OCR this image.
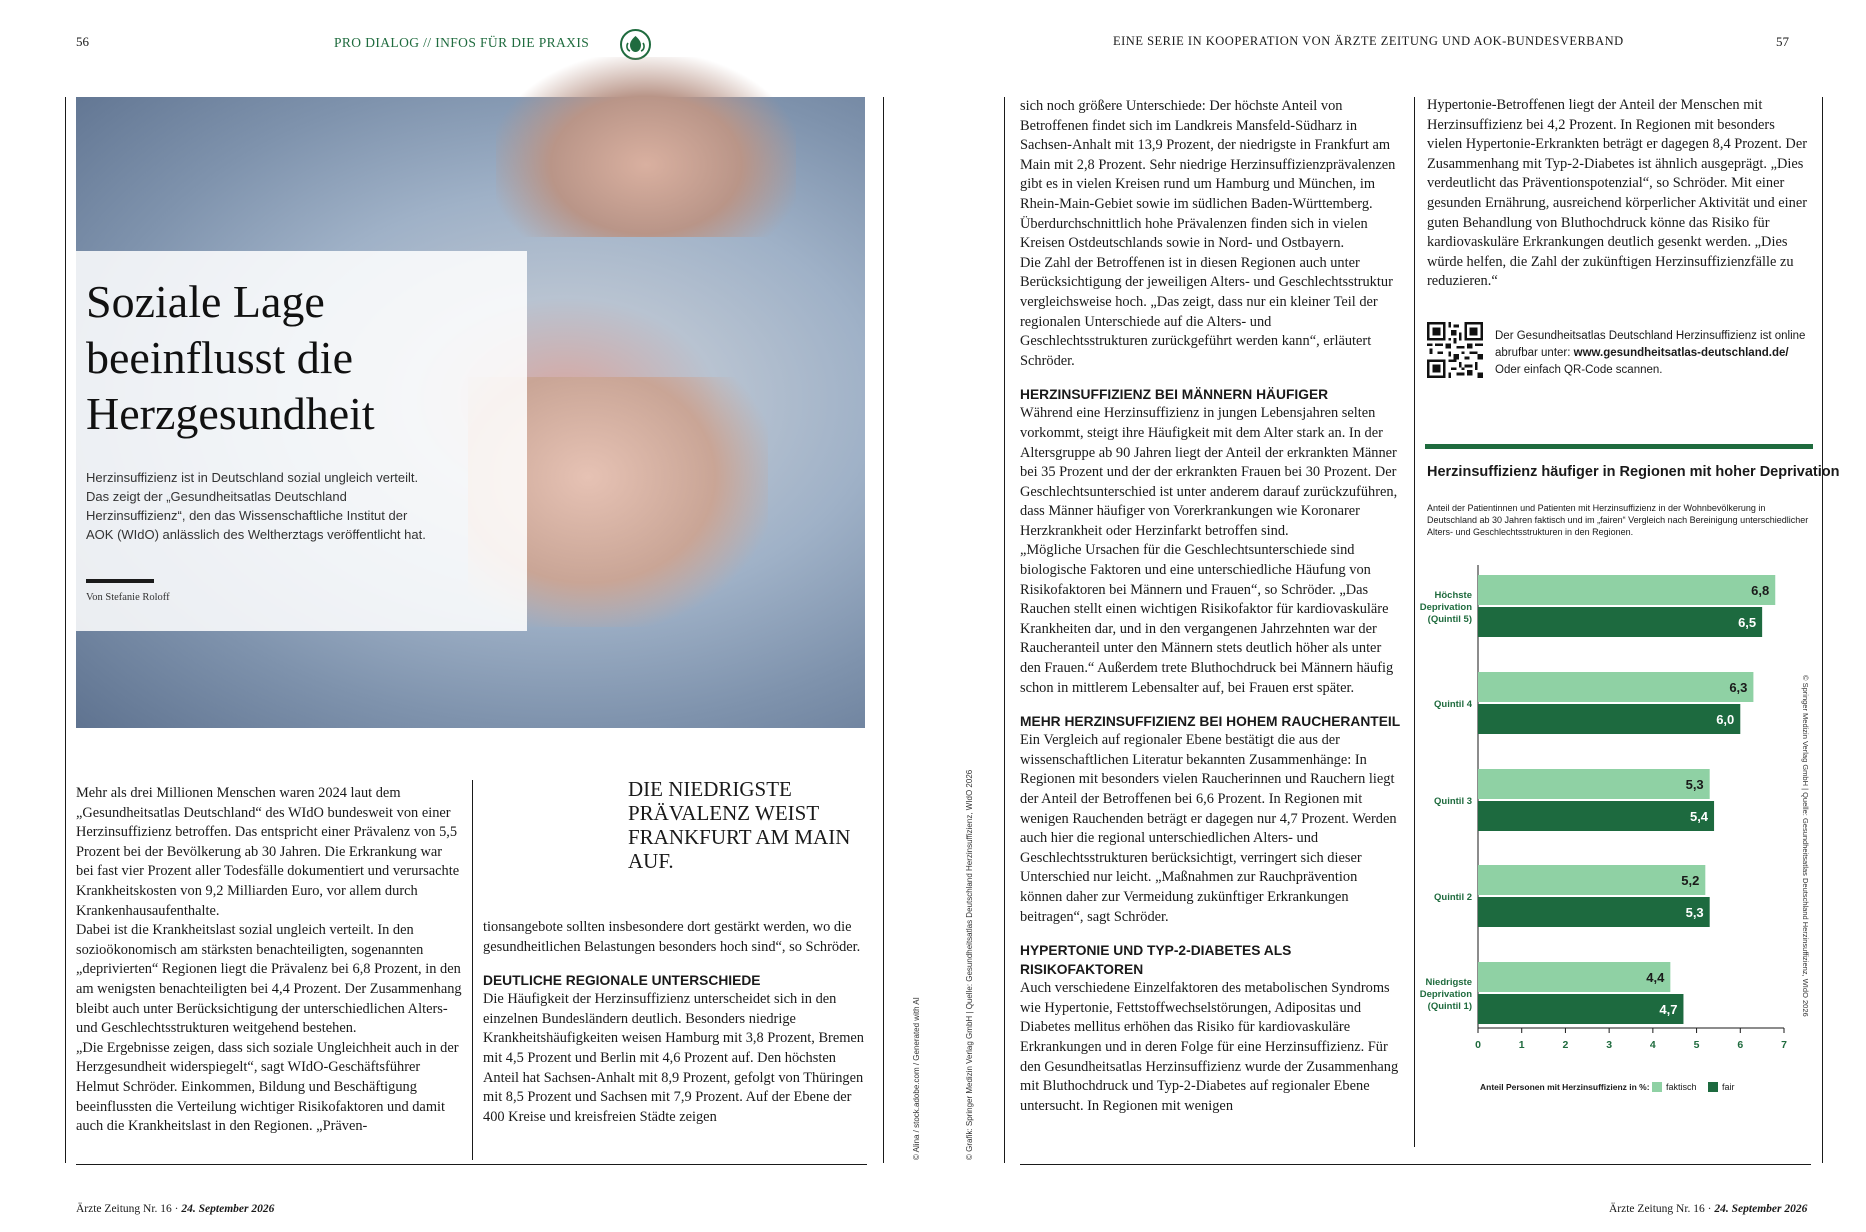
56	PRO DIALOG // INFOS FÜR DIE PRAXIS	EINE SERIE IN KOOPERATION VON ÄRZTE ZEITUNG UND AOK-BUNDESVERBAND	57
Soziale Lage beeinflusst die Herzgesundheit

Herzinsuffizienz ist in Deutschland sozial ungleich verteilt. Das zeigt der „Gesundheitsatlas Deutschland Herzinsuffizienz“, den das Wissenschaftliche Institut der AOK (WIdO) anlässlich des Weltherztags veröffentlicht hat.

Von Stefanie Roloff
DIE NIEDRIGSTE PRÄVALENZ WEIST FRANKFURT AM MAIN AUF.

Mehr als drei Millionen Menschen waren 2024 laut dem „Gesundheitsatlas Deutschland“ des WIdO bundesweit von einer Herzinsuffizienz betroffen. Das entspricht einer Prävalenz von 5,5 Prozent bei der Bevölkerung ab 30 Jahren. Die Erkrankung war bei fast vier Prozent aller Todesfälle dokumentiert und verursachte Krankheitskosten von 9,2 Milliarden Euro, vor allem durch Krankenhausaufenthalte.

Dabei ist die Krankheitslast sozial ungleich verteilt. In den sozioökonomisch am stärksten benachteiligten, sogenannten „deprivierten“ Regionen liegt die Prävalenz bei 6,8 Prozent, in den am wenigsten benachteiligten bei 4,4 Prozent. Der Zusammenhang bleibt auch unter Berücksichtigung der unterschiedlichen Alters- und Geschlechtsstrukturen weitgehend bestehen.

„Die Ergebnisse zeigen, dass sich soziale Ungleichheit auch in der Herzgesundheit widerspiegelt“, sagt WIdO-Geschäftsführer Helmut Schröder. Einkommen, Bildung und Beschäftigung beeinflussten die Verteilung wichtiger Risikofaktoren und damit auch die Krankheitslast in den Regionen. „Präven-

tionsangebote sollten insbesondere dort gestärkt werden, wo die gesundheitlichen Belastungen besonders hoch sind“, so Schröder.

DEUTLICHE REGIONALE UNTERSCHIEDE

Die Häufigkeit der Herzinsuffizienz unterscheidet sich in den einzelnen Bundesländern deutlich. Besonders niedrige Krankheitshäufigkeiten weisen Hamburg mit 3,8 Prozent, Bremen mit 4,5 Prozent und Berlin mit 4,6 Prozent auf. Den höchsten Anteil hat Sachsen-Anhalt mit 8,9 Prozent, gefolgt von Thüringen mit 8,5 Prozent und Sachsen mit 7,9 Prozent. Auf der Ebene der 400 Kreise und kreisfreien Städte zeigen	© Alina / stock.adobe.com / Generated with AI	© Grafik: Springer Medizin Verlag GmbH | Quelle: Gesundheitsatlas Deutschland Herzinsuffizienz, WIdO 2026

sich noch größere Unterschiede: Der höchste Anteil von Betroffenen findet sich im Landkreis Mansfeld-Südharz in Sachsen-Anhalt mit 13,9 Prozent, der niedrigste in Frankfurt am Main mit 2,8 Prozent. Sehr niedrige Herzinsuffizienzprävalenzen gibt es in vielen Kreisen rund um Hamburg und München, im Rhein-Main-Gebiet sowie im südlichen Baden-Württemberg. Überdurchschnittlich hohe Prävalenzen finden sich in vielen Kreisen Ostdeutschlands sowie in Nord- und Ostbayern.

Die Zahl der Betroffenen ist in diesen Regionen auch unter Berücksichtigung der jeweiligen Alters- und Geschlechtsstruktur vergleichsweise hoch. „Das zeigt, dass nur ein kleiner Teil der regionalen Unterschiede auf die Alters- und Geschlechtsstrukturen zurückgeführt werden kann“, erläutert Schröder.

HERZINSUFFIZIENZ BEI MÄNNERN HÄUFIGER

Während eine Herzinsuffizienz in jungen Lebensjahren selten vorkommt, steigt ihre Häufigkeit mit dem Alter stark an. In der Altersgruppe ab 90 Jahren liegt der Anteil der erkrankten Männer bei 35 Prozent und der der erkrankten Frauen bei 30 Prozent. Der Geschlechtsunterschied ist unter anderem darauf zurückzuführen, dass Männer häufiger von Vorerkrankungen wie Koronarer Herzkrankheit oder Herzinfarkt betroffen sind.

„Mögliche Ursachen für die Geschlechtsunterschiede sind biologische Faktoren und eine unterschiedliche Häufung von Risikofaktoren bei Männern und Frauen“, so Schröder. „Das Rauchen stellt einen wichtigen Risikofaktor für kardiovaskuläre Krankheiten dar, und in den vergangenen Jahrzehnten war der Raucheranteil unter den Männern stets deutlich höher als unter den Frauen.“ Außerdem trete Bluthochdruck bei Männern häufig schon in mittlerem Lebensalter auf, bei Frauen erst später.

MEHR HERZINSUFFIZIENZ BEI HOHEM RAUCHERANTEIL

Ein Vergleich auf regionaler Ebene bestätigt die aus der wissenschaftlichen Literatur bekannten Zusammenhänge: In Regionen mit besonders vielen Raucherinnen und Rauchern liegt der Anteil der Betroffenen bei 6,6 Prozent. In Regionen mit wenigen Rauchenden beträgt er dagegen nur 4,7 Prozent. Werden auch hier die regional unterschiedlichen Alters- und Geschlechtsstrukturen berücksichtigt, verringert sich dieser Unterschied nur leicht. „Maßnahmen zur Rauchprävention können daher zur Vermeidung zukünftiger Erkrankungen beitragen“, sagt Schröder.

HYPERTONIE UND TYP-2-DIABETES ALS RISIKOFAKTOREN

Auch verschiedene Einzelfaktoren des metabolischen Syndroms wie Hypertonie, Fettstoffwechselstörungen, Adipositas und Diabetes mellitus erhöhen das Risiko für kardiovaskuläre Erkrankungen und in deren Folge für eine Herzinsuffizienz. Für den Gesundheitsatlas Herzinsuffizienz wurde der Zusammenhang mit Bluthochdruck und Typ-2-Diabetes auf regionaler Ebene untersucht. In Regionen mit wenigen

Hypertonie-Betroffenen liegt der Anteil der Menschen mit Herzinsuffizienz bei 4,2 Prozent. In Regionen mit besonders vielen Hypertonie-Erkrankten beträgt er dagegen 8,4 Prozent. Der Zusammenhang mit Typ-2-Diabetes ist ähnlich ausgeprägt. „Dies verdeutlicht das Präventionspotenzial“, so Schröder. Mit einer gesunden Ernährung, ausreichend körperlicher Aktivität und einer guten Behandlung von Bluthochdruck könne das Risiko für kardiovaskuläre Erkrankungen deutlich gesenkt werden. „Dies würde helfen, die Zahl der zukünftigen Herzinsuffizienzfälle zu reduzieren.“

Der Gesundheitsatlas Deutschland Herzinsuffizienz ist online
abrufbar unter: www.gesundheitsatlas-deutschland.de/
Oder einfach QR-Code scannen.
Herzinsuffizienz häufiger in Regionen mit hoher Deprivation
Anteil der Patientinnen und Patienten mit Herzinsuffizienz in der Wohnbevölkerung in Deutschland ab 30 Jahren faktisch und im „fairen“ Vergleich nach Bereinigung unterschiedlicher Alters- und Geschlechtsstrukturen in den Regionen.
6,8
6,5
Höchste
Deprivation
(Quintil 5)
6,3
6,0
Quintil 4
5,3
5,4
Quintil 3
5,2
5,3
Quintil 2
4,4
4,7
Niedrigste
Deprivation
(Quintil 1)
0	1	2	3	4	5	6	7
Anteil Personen mit Herzinsuffizienz in %: faktisch	fair
© Springer Medizin Verlag GmbH | Quelle: Gesundheitsatlas Deutschland Herzinsuffizienz, WIdO 2026
Ärzte Zeitung Nr. 16 · 24. September 2026	Ärzte Zeitung Nr. 16 · 24. September 2026
